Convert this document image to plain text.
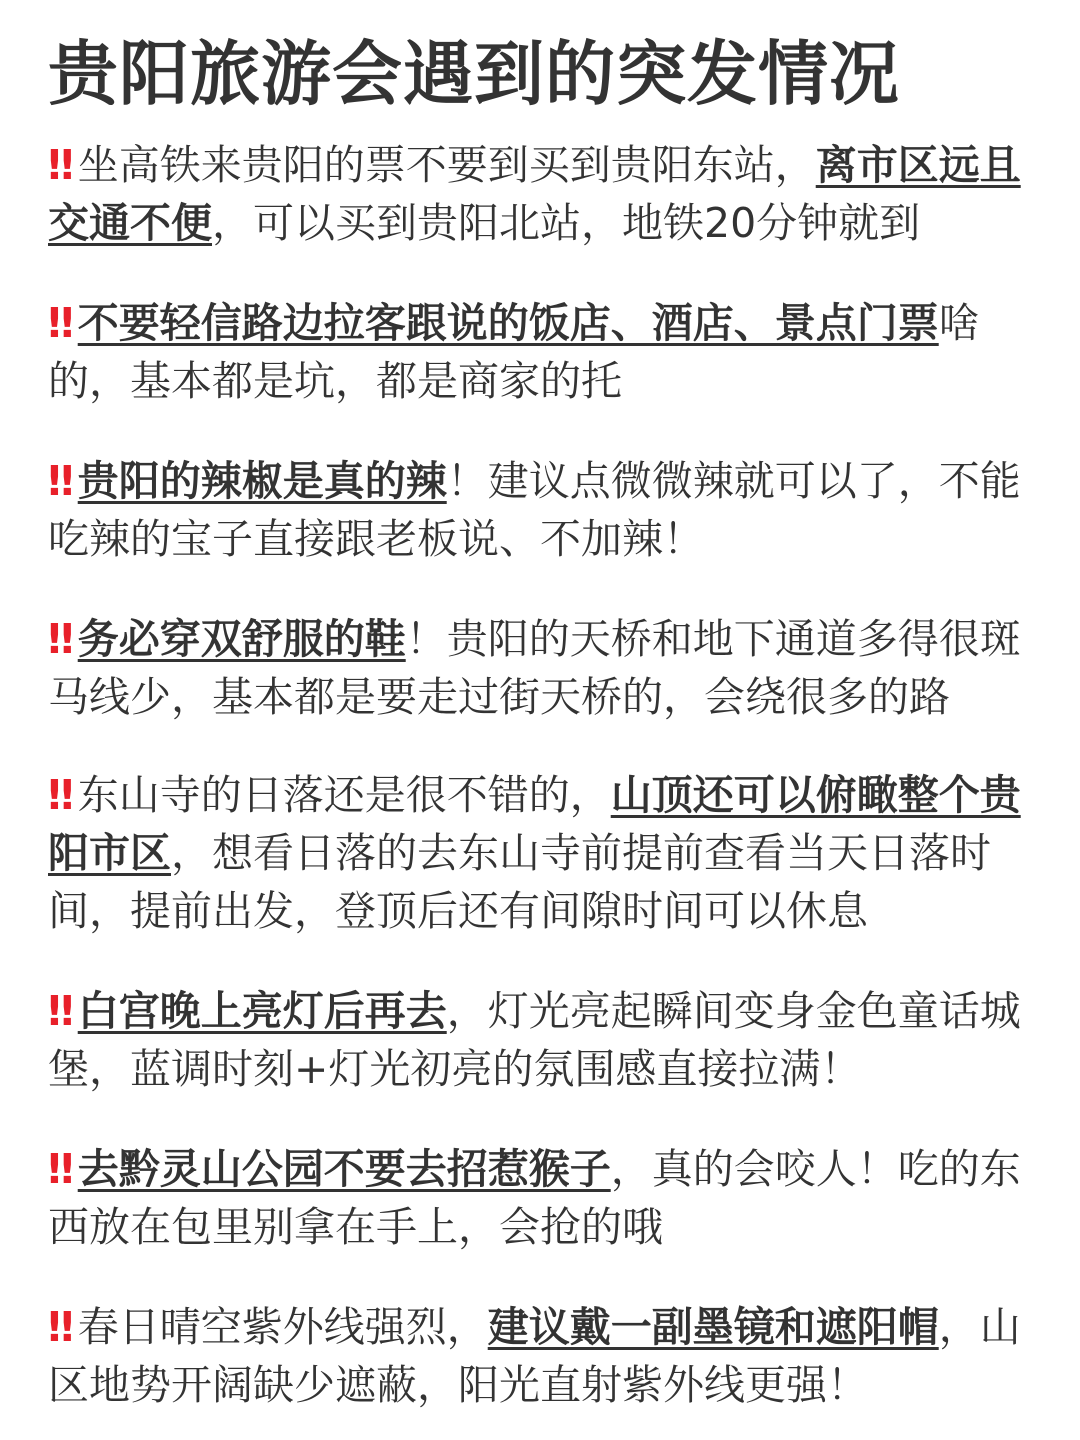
贵阳旅游会遇到的突发情况

‼坐高铁来贵阳的票不要到买到贵阳东站，离市区远且交通不便，可以买到贵阳北站，地铁20分钟就到

‼不要轻信路边拉客跟说的饭店、酒店、景点门票啥的，基本都是坑，都是商家的托

‼贵阳的辣椒是真的辣！建议点微微辣就可以了，不能吃辣的宝子直接跟老板说、不加辣！

‼务必穿双舒服的鞋！贵阳的天桥和地下通道多得很斑马线少，基本都是要走过街天桥的，会绕很多的路

‼东山寺的日落还是很不错的，山顶还可以俯瞰整个贵阳市区，想看日落的去东山寺前提前查看当天日落时间，提前出发，登顶后还有间隙时间可以休息

‼白宫晚上亮灯后再去，灯光亮起瞬间变身金色童话城堡，蓝调时刻+灯光初亮的氛围感直接拉满！

‼去黔灵山公园不要去招惹猴子，真的会咬人！吃的东西放在包里别拿在手上，会抢的哦

‼春日晴空紫外线强烈，建议戴一副墨镜和遮阳帽，山区地势开阔缺少遮蔽，阳光直射紫外线更强！
